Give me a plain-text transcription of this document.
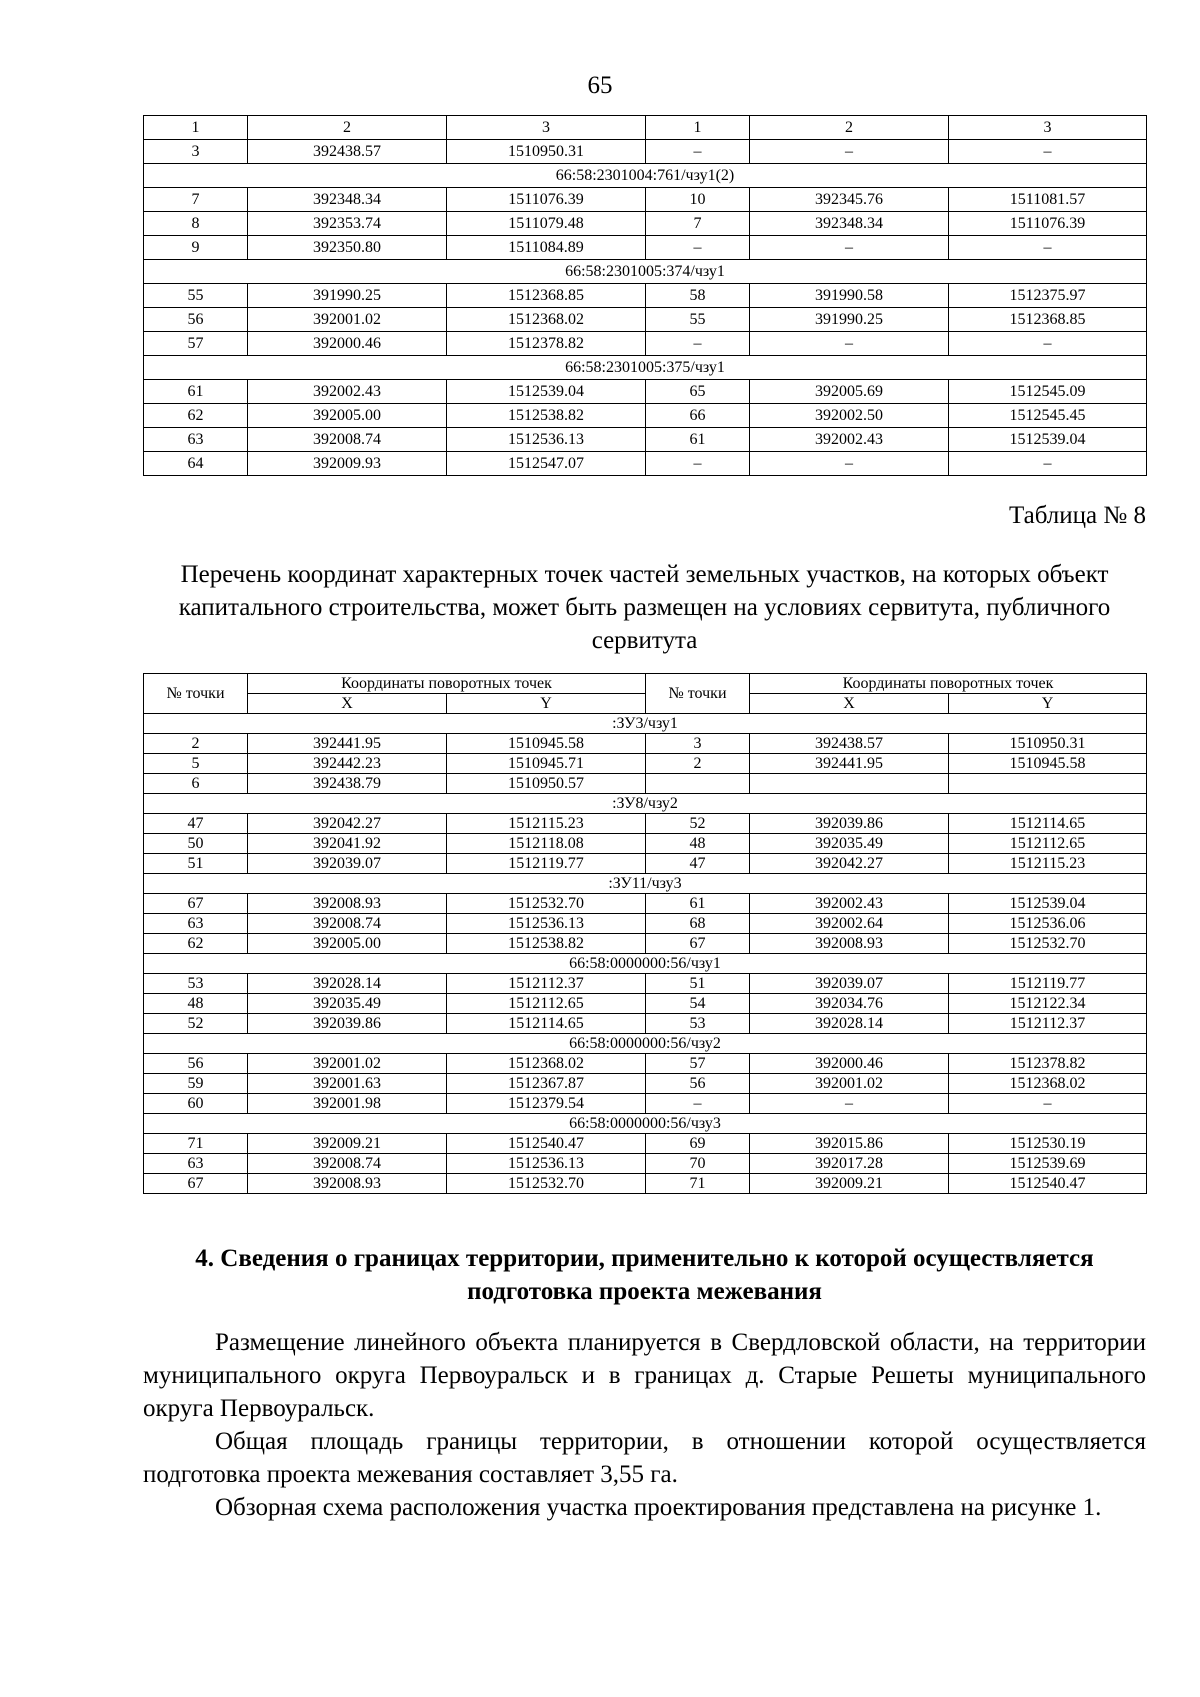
65
1	2	3	1	2	3
3	392438.57	1510950.31	–	–	–
66:58:2301004:761/чзу1(2)					
7	392348.34	1511076.39	10	392345.76	1511081.57
8	392353.74	1511079.48	7	392348.34	1511076.39
9	392350.80	1511084.89	–	–	–
66:58:2301005:374/чзу1					
55	391990.25	1512368.85	58	391990.58	1512375.97
56	392001.02	1512368.02	55	391990.25	1512368.85
57	392000.46	1512378.82	–	–	–
66:58:2301005:375/чзу1					
61	392002.43	1512539.04	65	392005.69	1512545.09
62	392005.00	1512538.82	66	392002.50	1512545.45
63	392008.74	1512536.13	61	392002.43	1512539.04
64	392009.93	1512547.07	–	–	–
Таблица № 8
Перечень координат характерных точек частей земельных участков, на которых объект капитального строительства, может быть размещен на условиях сервитута, публичного сервитута
№ точки	Координаты поворотных точек		№ точки	Координаты поворотных точек	
	X	Y		X	Y
:ЗУ3/чзу1					
2	392441.95	1510945.58	3	392438.57	1510950.31
5	392442.23	1510945.71	2	392441.95	1510945.58
6	392438.79	1510950.57			
:ЗУ8/чзу2					
47	392042.27	1512115.23	52	392039.86	1512114.65
50	392041.92	1512118.08	48	392035.49	1512112.65
51	392039.07	1512119.77	47	392042.27	1512115.23
:ЗУ11/чзу3					
67	392008.93	1512532.70	61	392002.43	1512539.04
63	392008.74	1512536.13	68	392002.64	1512536.06
62	392005.00	1512538.82	67	392008.93	1512532.70
66:58:0000000:56/чзу1					
53	392028.14	1512112.37	51	392039.07	1512119.77
48	392035.49	1512112.65	54	392034.76	1512122.34
52	392039.86	1512114.65	53	392028.14	1512112.37
66:58:0000000:56/чзу2					
56	392001.02	1512368.02	57	392000.46	1512378.82
59	392001.63	1512367.87	56	392001.02	1512368.02
60	392001.98	1512379.54	–	–	–
66:58:0000000:56/чзу3					
71	392009.21	1512540.47	69	392015.86	1512530.19
63	392008.74	1512536.13	70	392017.28	1512539.69
67	392008.93	1512532.70	71	392009.21	1512540.47
4. Сведения о границах территории, применительно к которой осуществляется подготовка проекта межевания

Размещение линейного объекта планируется в Свердловской области, на территории муниципального округа Первоуральск и в границах д. Старые Решеты муниципального округа Первоуральск.

Общая площадь границы территории, в отношении которой осуществляется подготовка проекта межевания составляет 3,55 га.

Обзорная схема расположения участка проектирования представлена на рисунке 1.
